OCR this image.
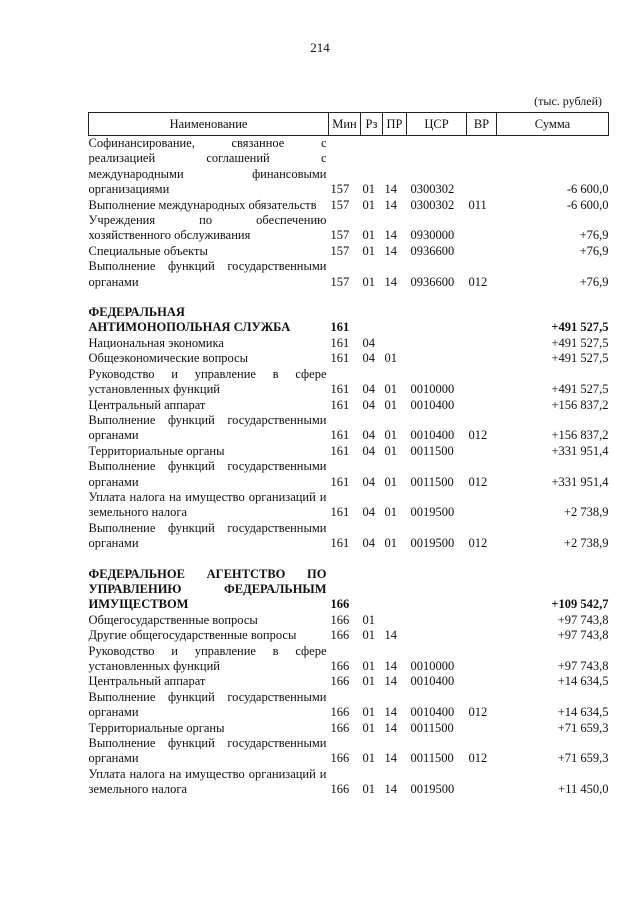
214
(тыс. рублей)
Наименование	Мин	Рз	ПР	ЦСР	ВР	Сумма
Софинансирование, связанное с реализацией соглашений с международными финансовыми организациями	157	01	14	0300302		-6 600,0
Выполнение международных обязательств	157	01	14	0300302	011	-6 600,0
Учреждения по обеспечению хозяйственного обслуживания	157	01	14	0930000		+76,9
Специальные объекты	157	01	14	0936600		+76,9
Выполнение функций государственными органами	157	01	14	0936600	012	+76,9

ФЕДЕРАЛЬНАЯ АНТИМОНОПОЛЬНАЯ СЛУЖБА	161					+491 527,5
Национальная экономика	161	04				+491 527,5
Общеэкономические вопросы	161	04	01			+491 527,5
Руководство и управление в сфере установленных функций	161	04	01	0010000		+491 527,5
Центральный аппарат	161	04	01	0010400		+156 837,2
Выполнение функций государственными органами	161	04	01	0010400	012	+156 837,2
Территориальные органы	161	04	01	0011500		+331 951,4
Выполнение функций государственными органами	161	04	01	0011500	012	+331 951,4
Уплата налога на имущество организаций и земельного налога	161	04	01	0019500		+2 738,9
Выполнение функций государственными органами	161	04	01	0019500	012	+2 738,9

ФЕДЕРАЛЬНОЕ АГЕНТСТВО ПО УПРАВЛЕНИЮ ФЕДЕРАЛЬНЫМ ИМУЩЕСТВОМ	166					+109 542,7
Общегосударственные вопросы	166	01				+97 743,8
Другие общегосударственные вопросы	166	01	14			+97 743,8
Руководство и управление в сфере установленных функций	166	01	14	0010000		+97 743,8
Центральный аппарат	166	01	14	0010400		+14 634,5
Выполнение функций государственными органами	166	01	14	0010400	012	+14 634,5
Территориальные органы	166	01	14	0011500		+71 659,3
Выполнение функций государственными органами	166	01	14	0011500	012	+71 659,3
Уплата налога на имущество организаций и земельного налога	166	01	14	0019500		+11 450,0
